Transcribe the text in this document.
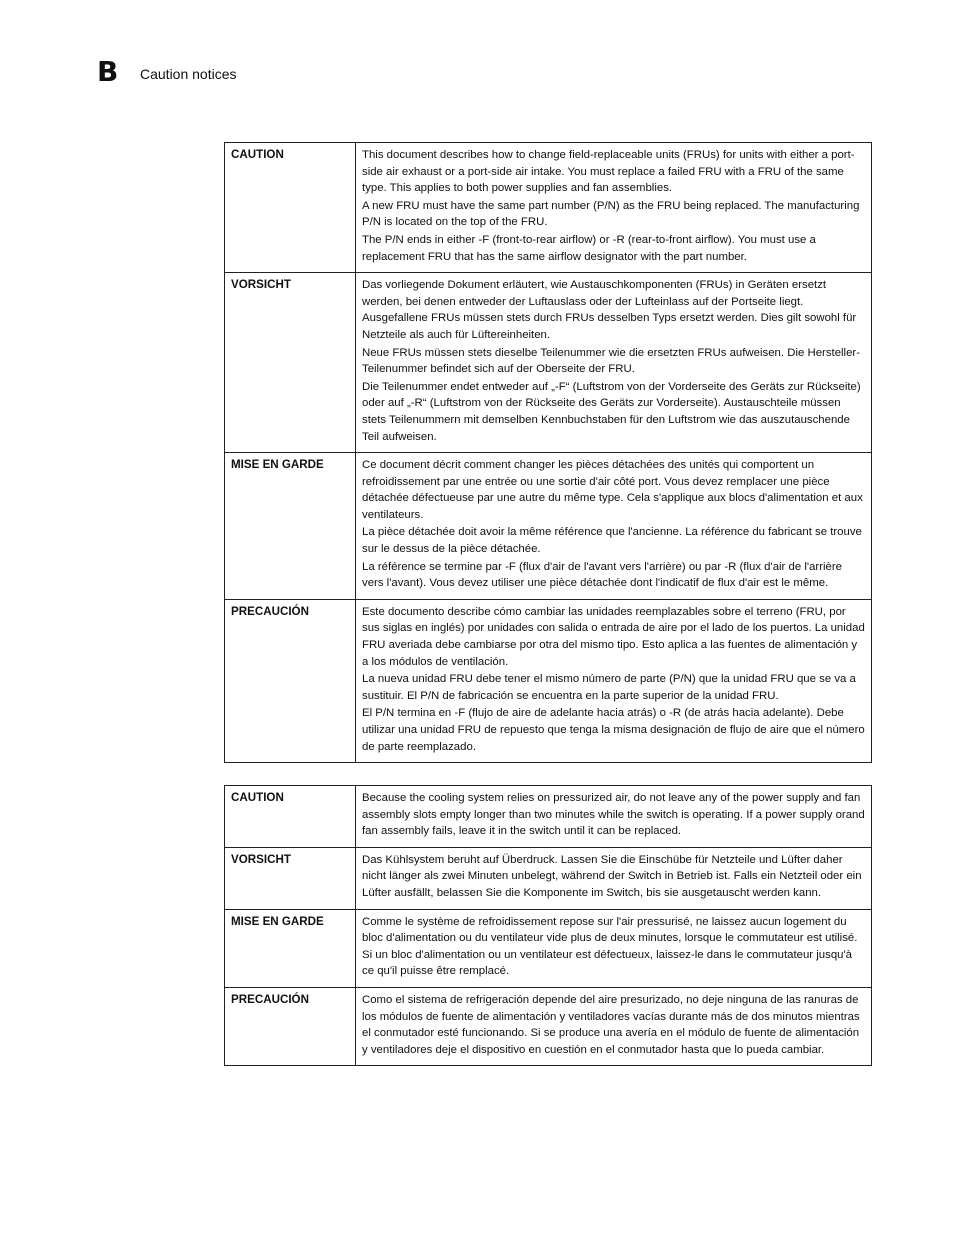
B Caution notices
CAUTION	This document describes how to change field-replaceable units (FRUs) for units with either a port-side air exhaust or a port-side air intake. You must replace a failed FRU with a FRU of the same type. This applies to both power supplies and fan assemblies.

A new FRU must have the same part number (P/N) as the FRU being replaced. The manufacturing P/N is located on the top of the FRU.

The P/N ends in either -F (front-to-rear airflow) or -R (rear-to-front airflow). You must use a replacement FRU that has the same airflow designator with the part number.

VORSICHT	Das vorliegende Dokument erläutert, wie Austauschkomponenten (FRUs) in Geräten ersetzt werden, bei denen entweder der Luftauslass oder der Lufteinlass auf der Portseite liegt. Ausgefallene FRUs müssen stets durch FRUs desselben Typs ersetzt werden. Dies gilt sowohl für Netzteile als auch für Lüftereinheiten.

Neue FRUs müssen stets dieselbe Teilenummer wie die ersetzten FRUs aufweisen. Die Hersteller-Teilenummer befindet sich auf der Oberseite der FRU.

Die Teilenummer endet entweder auf „-F“ (Luftstrom von der Vorderseite des Geräts zur Rückseite) oder auf „-R“ (Luftstrom von der Rückseite des Geräts zur Vorderseite). Austauschteile müssen stets Teilenummern mit demselben Kennbuchstaben für den Luftstrom wie das auszutauschende Teil aufweisen.

MISE EN GARDE	Ce document décrit comment changer les pièces détachées des unités qui comportent un refroidissement par une entrée ou une sortie d'air côté port. Vous devez remplacer une pièce détachée défectueuse par une autre du même type. Cela s'applique aux blocs d'alimentation et aux ventilateurs.

La pièce détachée doit avoir la même référence que l'ancienne. La référence du fabricant se trouve sur le dessus de la pièce détachée.

La référence se termine par -F (flux d'air de l'avant vers l'arrière) ou par -R (flux d'air de l'arrière vers l'avant). Vous devez utiliser une pièce détachée dont l'indicatif de flux d'air est le même.

PRECAUCIÓN	Este documento describe cómo cambiar las unidades reemplazables sobre el terreno (FRU, por sus siglas en inglés) por unidades con salida o entrada de aire por el lado de los puertos. La unidad FRU averiada debe cambiarse por otra del mismo tipo. Esto aplica a las fuentes de alimentación y a los módulos de ventilación.

La nueva unidad FRU debe tener el mismo número de parte (P/N) que la unidad FRU que se va a sustituir. El P/N de fabricación se encuentra en la parte superior de la unidad FRU.

El P/N termina en -F (flujo de aire de adelante hacia atrás) o -R (de atrás hacia adelante). Debe utilizar una unidad FRU de repuesto que tenga la misma designación de flujo de aire que el número de parte reemplazado.

CAUTION	Because the cooling system relies on pressurized air, do not leave any of the power supply and fan assembly slots empty longer than two minutes while the switch is operating. If a power supply orand fan assembly fails, leave it in the switch until it can be replaced.

VORSICHT	Das Kühlsystem beruht auf Überdruck. Lassen Sie die Einschübe für Netzteile und Lüfter daher nicht länger als zwei Minuten unbelegt, während der Switch in Betrieb ist. Falls ein Netzteil oder ein Lüfter ausfällt, belassen Sie die Komponente im Switch, bis sie ausgetauscht werden kann.

MISE EN GARDE	Comme le système de refroidissement repose sur l'air pressurisé, ne laissez aucun logement du bloc d'alimentation ou du ventilateur vide plus de deux minutes, lorsque le commutateur est utilisé. Si un bloc d'alimentation ou un ventilateur est défectueux, laissez-le dans le commutateur jusqu'à ce qu'il puisse être remplacé.

PRECAUCIÓN	Como el sistema de refrigeración depende del aire presurizado, no deje ninguna de las ranuras de los módulos de fuente de alimentación y ventiladores vacías durante más de dos minutos mientras el conmutador esté funcionando. Si se produce una avería en el módulo de fuente de alimentación y ventiladores deje el dispositivo en cuestión en el conmutador hasta que lo pueda cambiar.
